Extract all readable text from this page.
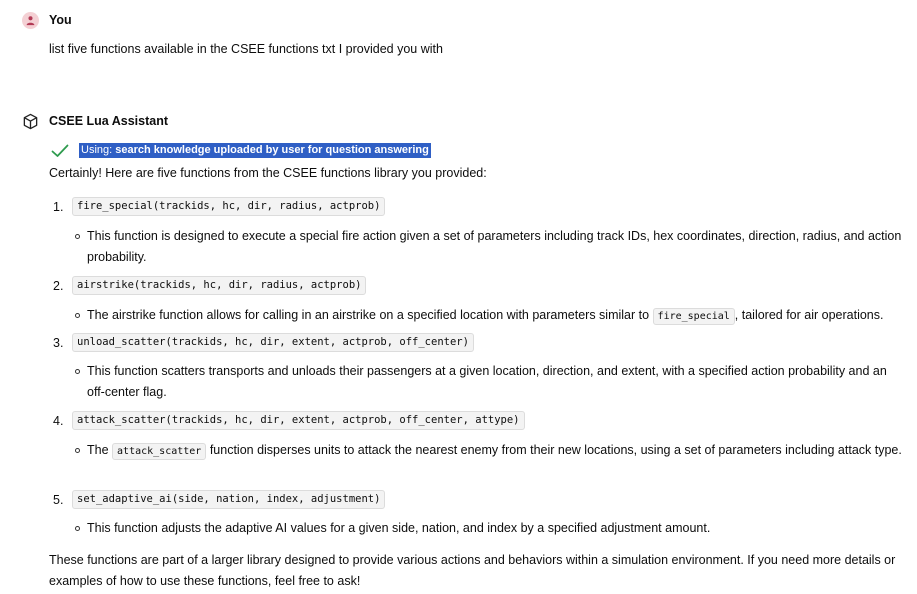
You
list five functions available in the CSEE functions txt I provided you with
CSEE Lua Assistant
Using: search knowledge uploaded by user for question answering
Certainly! Here are five functions from the CSEE functions library you provided:
1.	fire_special(trackids, hc, dir, radius, actprob)
This function is designed to execute a special fire action given a set of parameters including track IDs, hex coordinates, direction, radius, and action probability.
2.	airstrike(trackids, hc, dir, radius, actprob)
The airstrike function allows for calling in an airstrike on a specified location with parameters similar to fire_special , tailored for air operations.
3.	unload_scatter(trackids, hc, dir, extent, actprob, off_center)
This function scatters transports and unloads their passengers at a given location, direction, and extent, with a specified action probability and an off-center flag.
4.	attack_scatter(trackids, hc, dir, extent, actprob, off_center, attype)
The attack_scatter function disperses units to attack the nearest enemy from their new locations, using a set of parameters including attack type.
5.	set_adaptive_ai(side, nation, index, adjustment)
This function adjusts the adaptive AI values for a given side, nation, and index by a specified adjustment amount.
These functions are part of a larger library designed to provide various actions and behaviors within a simulation environment. If you need more details or examples of how to use these functions, feel free to ask!
